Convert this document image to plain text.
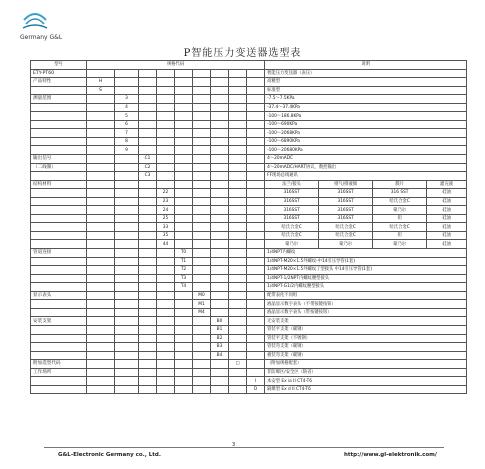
Germany G&L
P智能压力变送器选型表
型号	规格代码									说明			
ETY-PT60										智能压力变送器（表压）			
产品特性	H									高精型			
	S									标准型			
测量范围		3								-7.5～7.5KPa			
		4								-37.4～37.4KPa			
		5								-100～186.8KPa			
		6								-100～690KPa			
		7								-100～2068KPa			
		8								-100～6890KPa			
		9								-100～20680KPa			
输出信号			C1							4～20mADC			
（二线制）			C2							4～20mADC/HART协议，数控输出			
			C3							FF现场总线通讯			
结构材料										法兰/接头	排气/排液阀	膜片	灌充液
				22						316SST	316SST	316 SST	硅油
				23						316SST	316SST	哈氏合金C	硅油
				24						316SST	316SST	蒙乃尔	硅油
				25						316SST	316SST	钽	硅油
				33						哈氏合金C	哈氏合金C	哈氏合金C	硅油
				35						哈氏合金C	哈氏合金C	钽	硅油
				44						蒙乃尔	蒙乃尔	蒙乃尔	硅油
管道连接					T0					1/4NPT内螺纹			
					T1					1/4NPT-M20×1.5外螺纹-中14引压导管(1套)			
					T2					1/4NPT-M20×1.5外螺纹丁型接头 中14引压导管(1套)			
					T3					1/4NPT-1/2NPT内螺纹腰型接头			
					T4					1/4NPT-G1/2内螺纹腰型接头			
显示表头						M0				配带表化不同组			
						M1				液晶显示数字表头（不带按键按钮）			
						M4				液晶显示数字表头（带按键按钮）			
安装支架							B0			无安装支架			
							B1			管装平支架（碳钢）			
							B2			管装平支架（不锈钢）			
							B3			管装弯支架（碳钢）			
							B4			板装弯支架（碳钢）			
附加选型代码								□		（附加规格配套）			
工作场所										非防爆区/安全区（缺省）			
									I	本安型 Ex ia II CT4-T6			
									D	隔爆型 Ex d II CT4-T6			
3
G&L-Electronic Germany co., Ltd.	http://www.gl-elektronik.com/
